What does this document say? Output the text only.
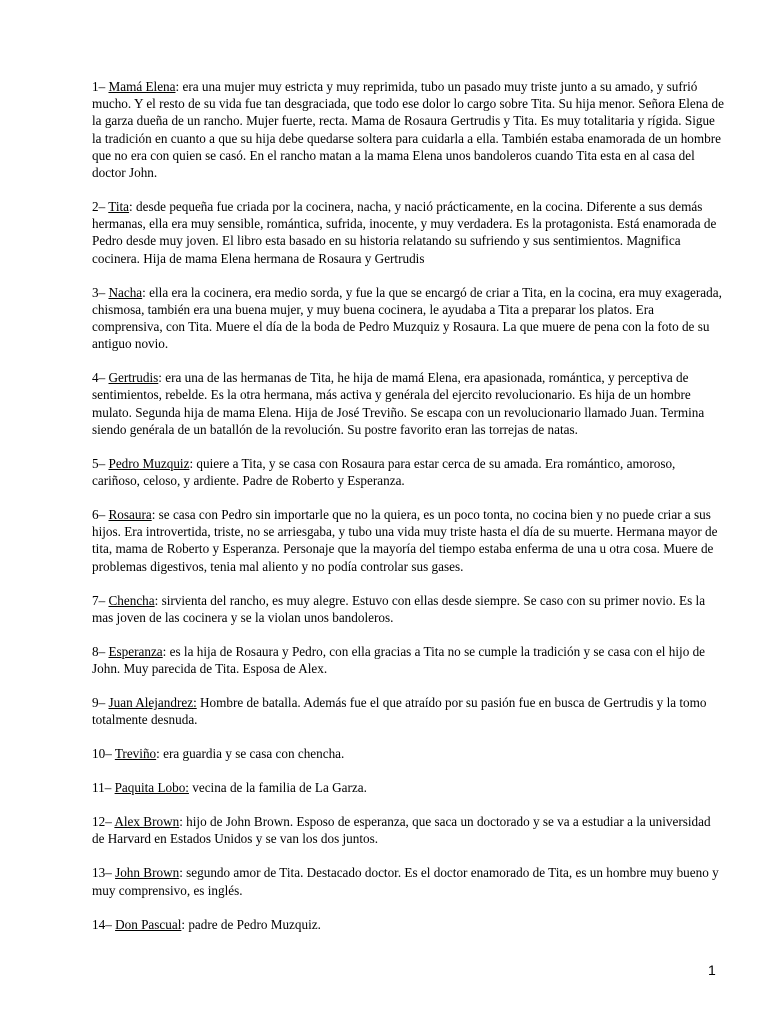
1– Mamá Elena: era una mujer muy estricta y muy reprimida, tubo un pasado muy triste junto a su amado, y sufrió mucho. Y el resto de su vida fue tan desgraciada, que todo ese dolor lo cargo sobre Tita. Su hija menor. Señora Elena de la garza dueña de un rancho. Mujer fuerte, recta. Mama de Rosaura Gertrudis y Tita. Es muy totalitaria y rígida. Sigue la tradición en cuanto a que su hija debe quedarse soltera para cuidarla a ella. También estaba enamorada de un hombre que no era con quien se casó. En el rancho matan a la mama Elena unos bandoleros cuando Tita esta en al casa del doctor John.

2– Tita: desde pequeña fue criada por la cocinera, nacha, y nació prácticamente, en la cocina. Diferente a sus demás hermanas, ella era muy sensible, romántica, sufrida, inocente, y muy verdadera. Es la protagonista. Está enamorada de Pedro desde muy joven. El libro esta basado en su historia relatando su sufriendo y sus sentimientos. Magnifica cocinera. Hija de mama Elena hermana de Rosaura y Gertrudis

3– Nacha: ella era la cocinera, era medio sorda, y fue la que se encargó de criar a Tita, en la cocina, era muy exagerada, chismosa, también era una buena mujer, y muy buena cocinera, le ayudaba a Tita a preparar los platos. Era comprensiva, con Tita. Muere el día de la boda de Pedro Muzquiz y Rosaura. La que muere de pena con la foto de su antiguo novio.

4– Gertrudis: era una de las hermanas de Tita, he hija de mamá Elena, era apasionada, romántica, y perceptiva de sentimientos, rebelde. Es la otra hermana, más activa y genérala del ejercito revolucionario. Es hija de un hombre mulato. Segunda hija de mama Elena. Hija de José Treviño. Se escapa con un revolucionario llamado Juan. Termina siendo genérala de un batallón de la revolución. Su postre favorito eran las torrejas de natas.

5– Pedro Muzquiz: quiere a Tita, y se casa con Rosaura para estar cerca de su amada. Era romántico, amoroso, cariñoso, celoso, y ardiente. Padre de Roberto y Esperanza.

6– Rosaura: se casa con Pedro sin importarle que no la quiera, es un poco tonta, no cocina bien y no puede criar a sus hijos. Era introvertida, triste, no se arriesgaba, y tubo una vida muy triste hasta el día de su muerte. Hermana mayor de tita, mama de Roberto y Esperanza. Personaje que la mayoría del tiempo estaba enferma de una u otra cosa. Muere de problemas digestivos, tenia mal aliento y no podía controlar sus gases.

7– Chencha: sirvienta del rancho, es muy alegre. Estuvo con ellas desde siempre. Se caso con su primer novio. Es la mas joven de las cocinera y se la violan unos bandoleros.

8– Esperanza: es la hija de Rosaura y Pedro, con ella gracias a Tita no se cumple la tradición y se casa con el hijo de John. Muy parecida de Tita. Esposa de Alex.

9– Juan Alejandrez: Hombre de batalla. Además fue el que atraído por su pasión fue en busca de Gertrudis y la tomo totalmente desnuda.

10– Treviño: era guardia y se casa con chencha.

11– Paquita Lobo: vecina de la familia de La Garza.

12– Alex Brown: hijo de John Brown. Esposo de esperanza, que saca un doctorado y se va a estudiar a la universidad de Harvard en Estados Unidos y se van los dos juntos.

13– John Brown: segundo amor de Tita. Destacado doctor. Es el doctor enamorado de Tita, es un hombre muy bueno y muy comprensivo, es inglés.

14– Don Pascual: padre de Pedro Muzquiz.

1
